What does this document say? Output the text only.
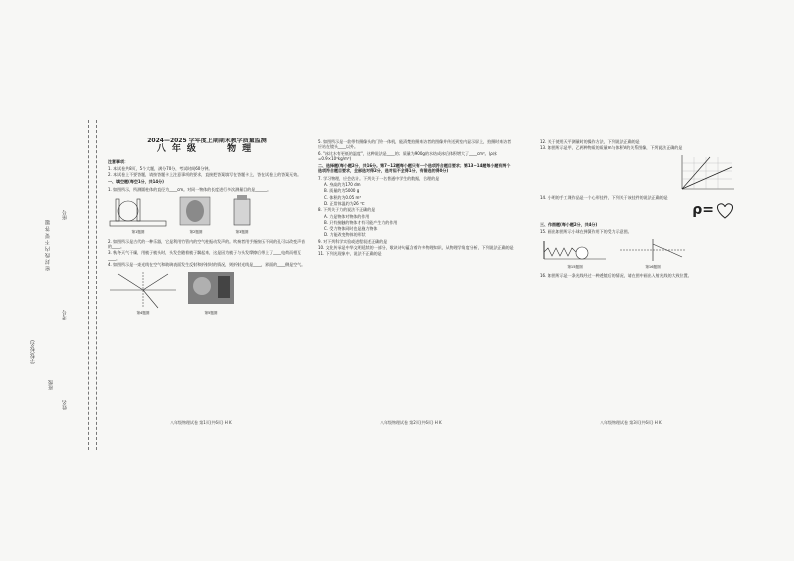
座号
考号
姓名
班级
学校(校名)
密 封 线 内 不 要 答 题
2024—2025 学年度上期期末教学质量监测
八年级	物理
注意事项：
1. 本试卷共8页，5个大题，满分70分，考试时间60分钟。
2. 本试卷上不要答题，请按答题卡上注意事项的要求，直接把答案填写在答题卡上，答在试卷上的答案无效。
一、填空题(每空1分，共14分)
1. 如图所示，所测圆柱体的直径为____cm。对同一物体的长度进行多次测量目的是______。
第1题图	第2题图	第3题图
2. 如图所示是古代的一种乐器，它是利用竹管内的空气柱振动发声的。吹奏者用手指按压不同的孔可以改变声音的____。
3. 秋冬天气干燥，用梳子梳头时，头发会随着梳子飘起来，这是因为梳子与头发摩擦后带上了____电荷而相互____。
4. 如图所示是一束光线在空气和玻璃表面发生反射和折射时的情况，则折射光线是____，界面的____侧是空气。
第4题图	第5题图
八年级物理试卷 第1页(共6页) H K
5. 如图所示是一款带有摄像头的门铃一体机，能清楚拍摄来访者的图像并传送到室内显示屏上，拍摄时来访者应站在镜头____以外。
6. "冰比水有更低的温度"，这种说法是____的；质量为900g的水结成冰后体积增大了____cm³。(ρ冰=0.9×10³kg/m³)
二、选择题(每小题2分，共16分。第7~12题每小题只有一个选项符合题目要求；第13~14题每小题有两个选项符合题目要求，全部选对得2分，选对但不全得1分，有错选的得0分)
7. 学习物理，应会估计。下列关于一名普通中学生的数据，合理的是
A. 身高约为170 dm
B. 质量约为5000 g
C. 体积约为0.05 m³
D. 正常体温约为26 ℃
8. 下列关于力的说法不正确的是
A. 力是物体对物体的作用
B. 只有接触的物体才有可能产生力的作用
C. 受力物体同时也是施力物体
D. 力能改变物体的形状
9. 对下列科学实验或进程叙述正确的是
10. 文化传承是中华文明延续的一部分，歌诀诗句蕴含着许多物理知识，从物理学角度分析，下列说法正确的是
11. 下列光现象中，说法不正确的是
八年级物理试卷 第2页(共6页) H K
12. 关于使用天平测量时的操作方法，下列说法正确的是
13. 如图所示是甲、乙两种物质的质量m与体积V的关系图像，下列说法正确的是
14. 小明的手工课作品是一个心形挂件，下列关于该挂件的说法正确的是
ρ=
三、作图题(每小题2分，共4分)
15. 画出如图所示小球在弹簧作用下的受力示意图。
第15题图	第16题图
16. 如图所示是一条光线经过一种透镜后的情况，请在图中画出入射光线的大致位置。
八年级物理试卷 第3页(共6页) H K
